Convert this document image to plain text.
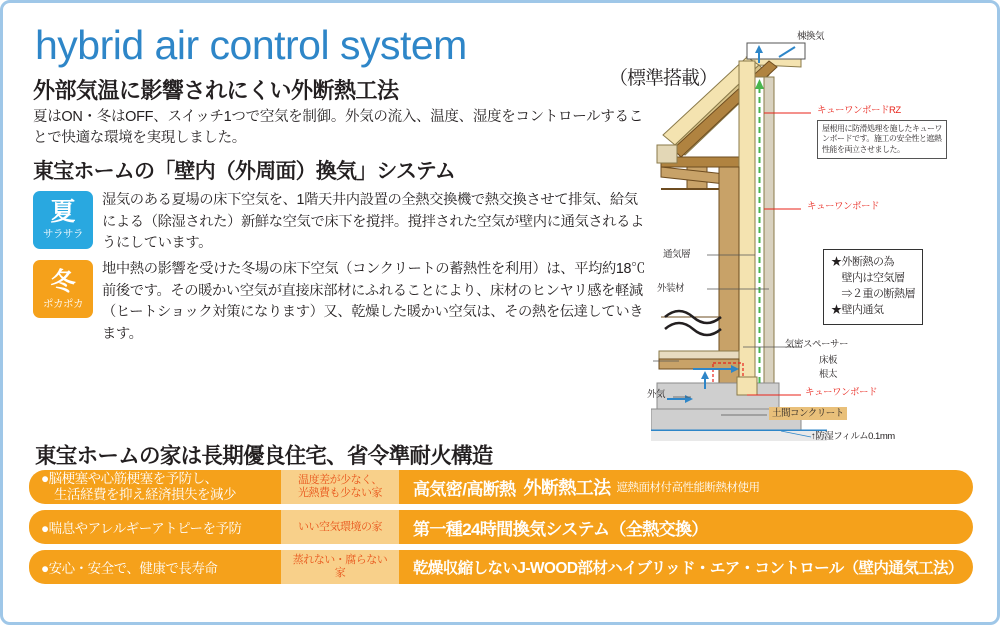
hybrid air control system
外部気温に影響されにくい外断熱工法
夏はON・冬はOFF、スイッチ1つで空気を制御。外気の流入、温度、湿度をコントロールすることで快適な環境を実現しました。
東宝ホームの「壁内（外周面）換気」システム
夏
サラサラ
湿気のある夏場の床下空気を、1階天井内設置の全熱交換機で熱交換させて排気、給気による（除湿された）新鮮な空気で床下を撹拌。撹拌された空気が壁内に通気されるようにしています。
冬
ポカポカ
地中熱の影響を受けた冬場の床下空気（コンクリートの蓄熱性を利用）は、平均約18℃前後です。その暖かい空気が直接床部材にふれることにより、床材のヒンヤリ感を軽減（ヒートショック対策になります）又、乾燥した暖かい空気は、その熱を伝達していきます。
東宝ホームの家は長期優良住宅、省令準耐火構造
●脳梗塞や心筋梗塞を予防し、
　生活経費を抑え経済損失を減少
温度差が少なく、
光熱費も少ない家 高気密/高断熱 外断熱工法 遮熱面材付高性能断熱材使用
●喘息やアレルギーアトピーを予防	いい空気環境の家 第一種24時間換気システム（全熱交換）
●安心・安全で、健康で長寿命
蒸れない・腐らない家	乾燥収縮しないJ-WOOD部材ハイブリッド・エア・コントロール（壁内通気工法）
（標準搭載）
棟換気
キューワンボードRZ
屋根用に防滑処理を施したキューワンボードです。施工の安全性と遮熱性能を両立させました。
キューワンボード
通気層
外装材
★外断熱の為
　壁内は空気層
　⇒２重の断熱層
★壁内通気
気密スペーサー
床板
根太
キューワンボード
外気
土間コンクリート
↑防湿フィルム0.1mm
